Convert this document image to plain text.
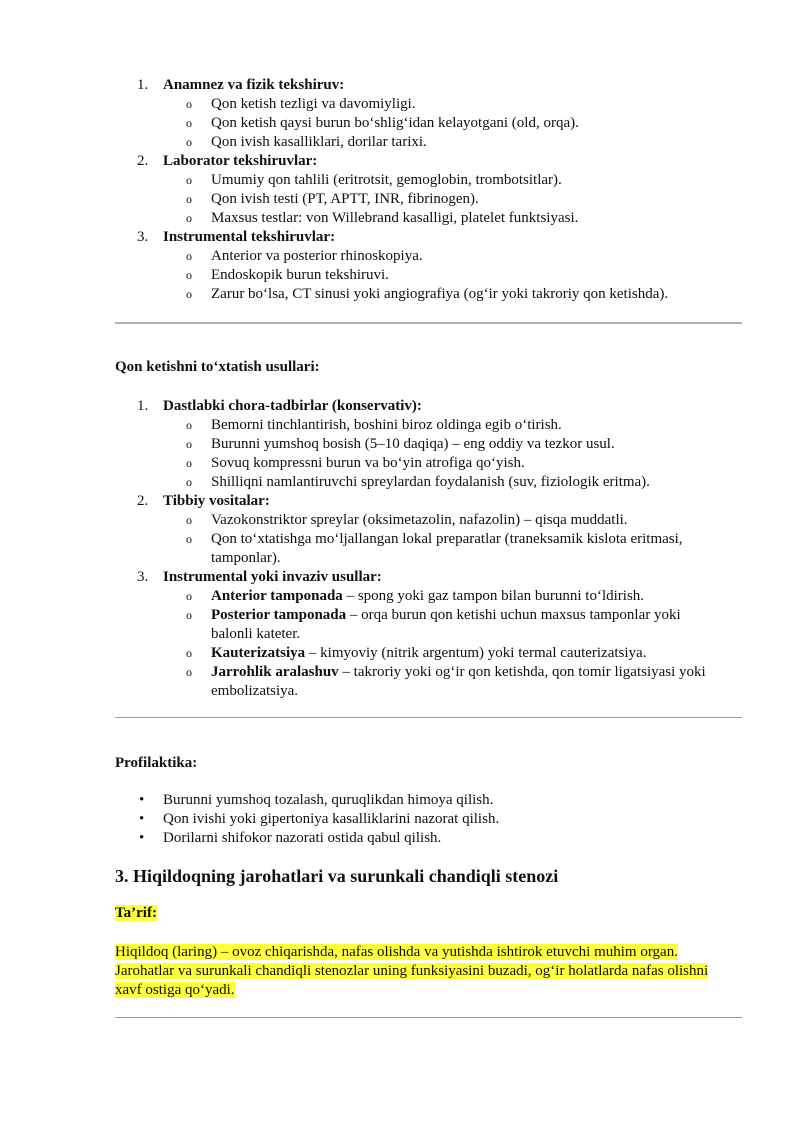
1. Anamnez va fizik tekshiruv:
o Qon ketish tezligi va davomiyligi.
o Qon ketish qaysi burun bo‘shlig‘idan kelayotgani (old, orqa).
o Qon ivish kasalliklari, dorilar tarixi.
2. Laborator tekshiruvlar:
o Umumiy qon tahlili (eritrotsit, gemoglobin, trombotsitlar).
o Qon ivish testi (PT, APTT, INR, fibrinogen).
o Maxsus testlar: von Willebrand kasalligi, platelet funktsiyasi.
3. Instrumental tekshiruvlar:
o Anterior va posterior rhinoskopiya.
o Endoskopik burun tekshiruvi.
o Zarur bo‘lsa, CT sinusi yoki angiografiya (og‘ir yoki takroriy qon ketishda).
Qon ketishni to‘xtatish usullari:
1. Dastlabki chora-tadbirlar (konservativ):
o Bemorni tinchlantirish, boshini biroz oldinga egib o‘tirish.
o Burunni yumshoq bosish (5–10 daqiqa) – eng oddiy va tezkor usul.
o Sovuq kompressni burun va bo‘yin atrofiga qo‘yish.
o Shilliqni namlantiruvchi spreylardan foydalanish (suv, fiziologik eritma).
2. Tibbiy vositalar:
o Vazokonstriktor spreylar (oksimetazolin, nafazolin) – qisqa muddatli.
o Qon to‘xtatishga mo‘ljallangan lokal preparatlar (traneksamik kislota eritmasi, tamponlar).
3. Instrumental yoki invaziv usullar:
o Anterior tamponada – spong yoki gaz tampon bilan burunni to‘ldirish.
o Posterior tamponada – orqa burun qon ketishi uchun maxsus tamponlar yoki balonli kateter.
o Kauterizatsiya – kimyoviy (nitrik argentum) yoki termal cauterizatsiya.
o Jarrohlik aralashuv – takroriy yoki og‘ir qon ketishda, qon tomir ligatsiyasi yoki embolizatsiya.
Profilaktika:
• Burunni yumshoq tozalash, quruqlikdan himoya qilish.
• Qon ivishi yoki gipertoniya kasalliklarini nazorat qilish.
• Dorilarni shifokor nazorati ostida qabul qilish.
3. Hiqildoqning jarohatlari va surunkali chandiqli stenozi
Ta’rif:
Hiqildoq (laring) – ovoz chiqarishda, nafas olishda va yutishda ishtirok etuvchi muhim organ. Jarohatlar va surunkali chandiqli stenozlar uning funksiyasini buzadi, og‘ir holatlarda nafas olishni xavf ostiga qo‘yadi.
